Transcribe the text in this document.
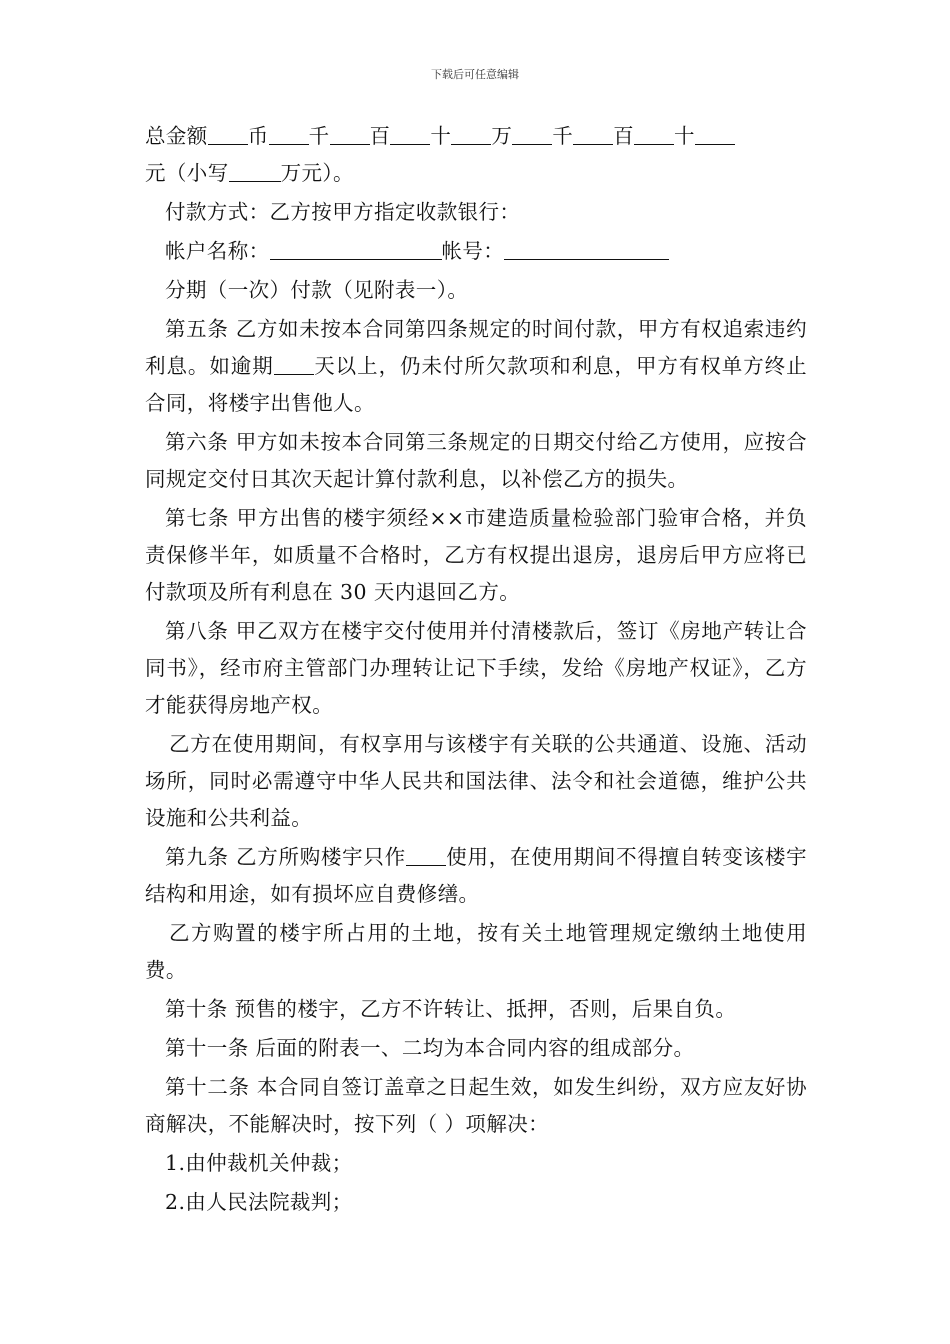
下载后可任意编辑

总金额 币 千 百 十 万 千 百 十
元（小写	万元）。

付款方式：乙方按甲方指定收款银行：

帐户名称：	帐号：

分期（一次）付款（见附表一）。

第五条 乙方如未按本合同第四条规定的时间付款，甲方有权追索违约利息。如逾期 天以上，仍未付所欠款项和利息，甲方有权单方终止合同，将楼宇出售他人。

第六条 甲方如未按本合同第三条规定的日期交付给乙方使用，应按合同规定交付日其次天起计算付款利息，以补偿乙方的损失。

第七条 甲方出售的楼宇须经××市建造质量检验部门验审合格，并负责保修半年，如质量不合格时，乙方有权提出退房，退房后甲方应将已付款项及所有利息在 30 天内退回乙方。

第八条 甲乙双方在楼宇交付使用并付清楼款后，签订《房地产转让合同书》，经市府主管部门办理转让记下手续，发给《房地产权证》，乙方才能获得房地产权。

乙方在使用期间，有权享用与该楼宇有关联的公共通道、设施、活动场所，同时必需遵守中华人民共和国法律、法令和社会道德，维护公共设施和公共利益。

第九条 乙方所购楼宇只作 使用，在使用期间不得擅自转变该楼宇结构和用途，如有损坏应自费修缮。

乙方购置的楼宇所占用的土地，按有关土地管理规定缴纳土地使用费。

第十条 预售的楼宇，乙方不许转让、抵押，否则，后果自负。

第十一条 后面的附表一、二均为本合同内容的组成部分。

第十二条 本合同自签订盖章之日起生效，如发生纠纷，双方应友好协商解决，不能解决时，按下列（ ）项解决：

1.由仲裁机关仲裁；

2.由人民法院裁判；
